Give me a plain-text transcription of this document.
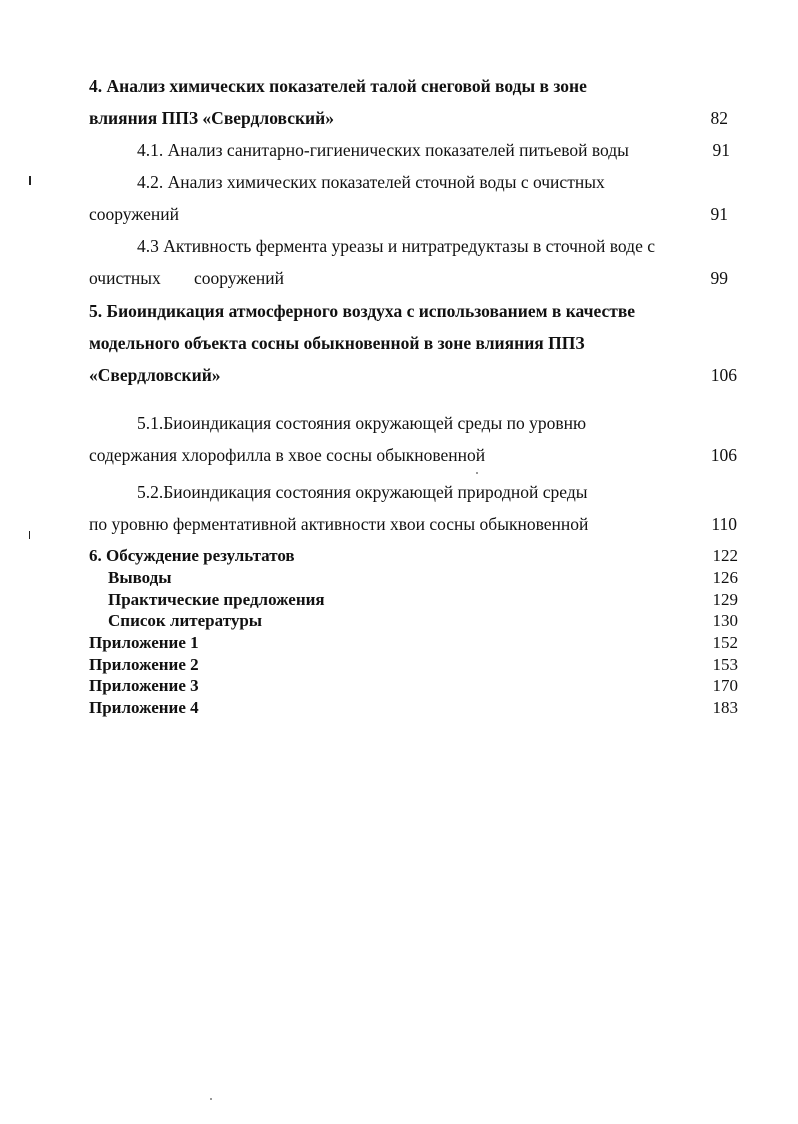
4. Анализ химических показателей талой снеговой воды в зоне
влияния ППЗ «Свердловский»	82
4.1. Анализ санитарно-гигиенических показателей питьевой воды	91
4.2. Анализ химических показателей сточной воды с очистных
сооружений	91
4.3 Активность фермента уреазы и нитратредуктазы в сточной воде с
очистных сооружений	99
5. Биоиндикация атмосферного воздуха с использованием в качестве
модельного объекта сосны обыкновенной в зоне влияния ППЗ
«Свердловский»	106
5.1.Биоиндикация состояния окружающей среды по уровню
содержания хлорофилла в хвое сосны обыкновенной	106
5.2.Биоиндикация состояния окружающей природной среды
по уровню ферментативной активности хвои сосны обыкновенной	110
6. Обсуждение результатов	122
Выводы	126
Практические предложения	129
Список литературы	130
Приложение 1	152
Приложение 2	153
Приложение 3	170
Приложение 4	183
